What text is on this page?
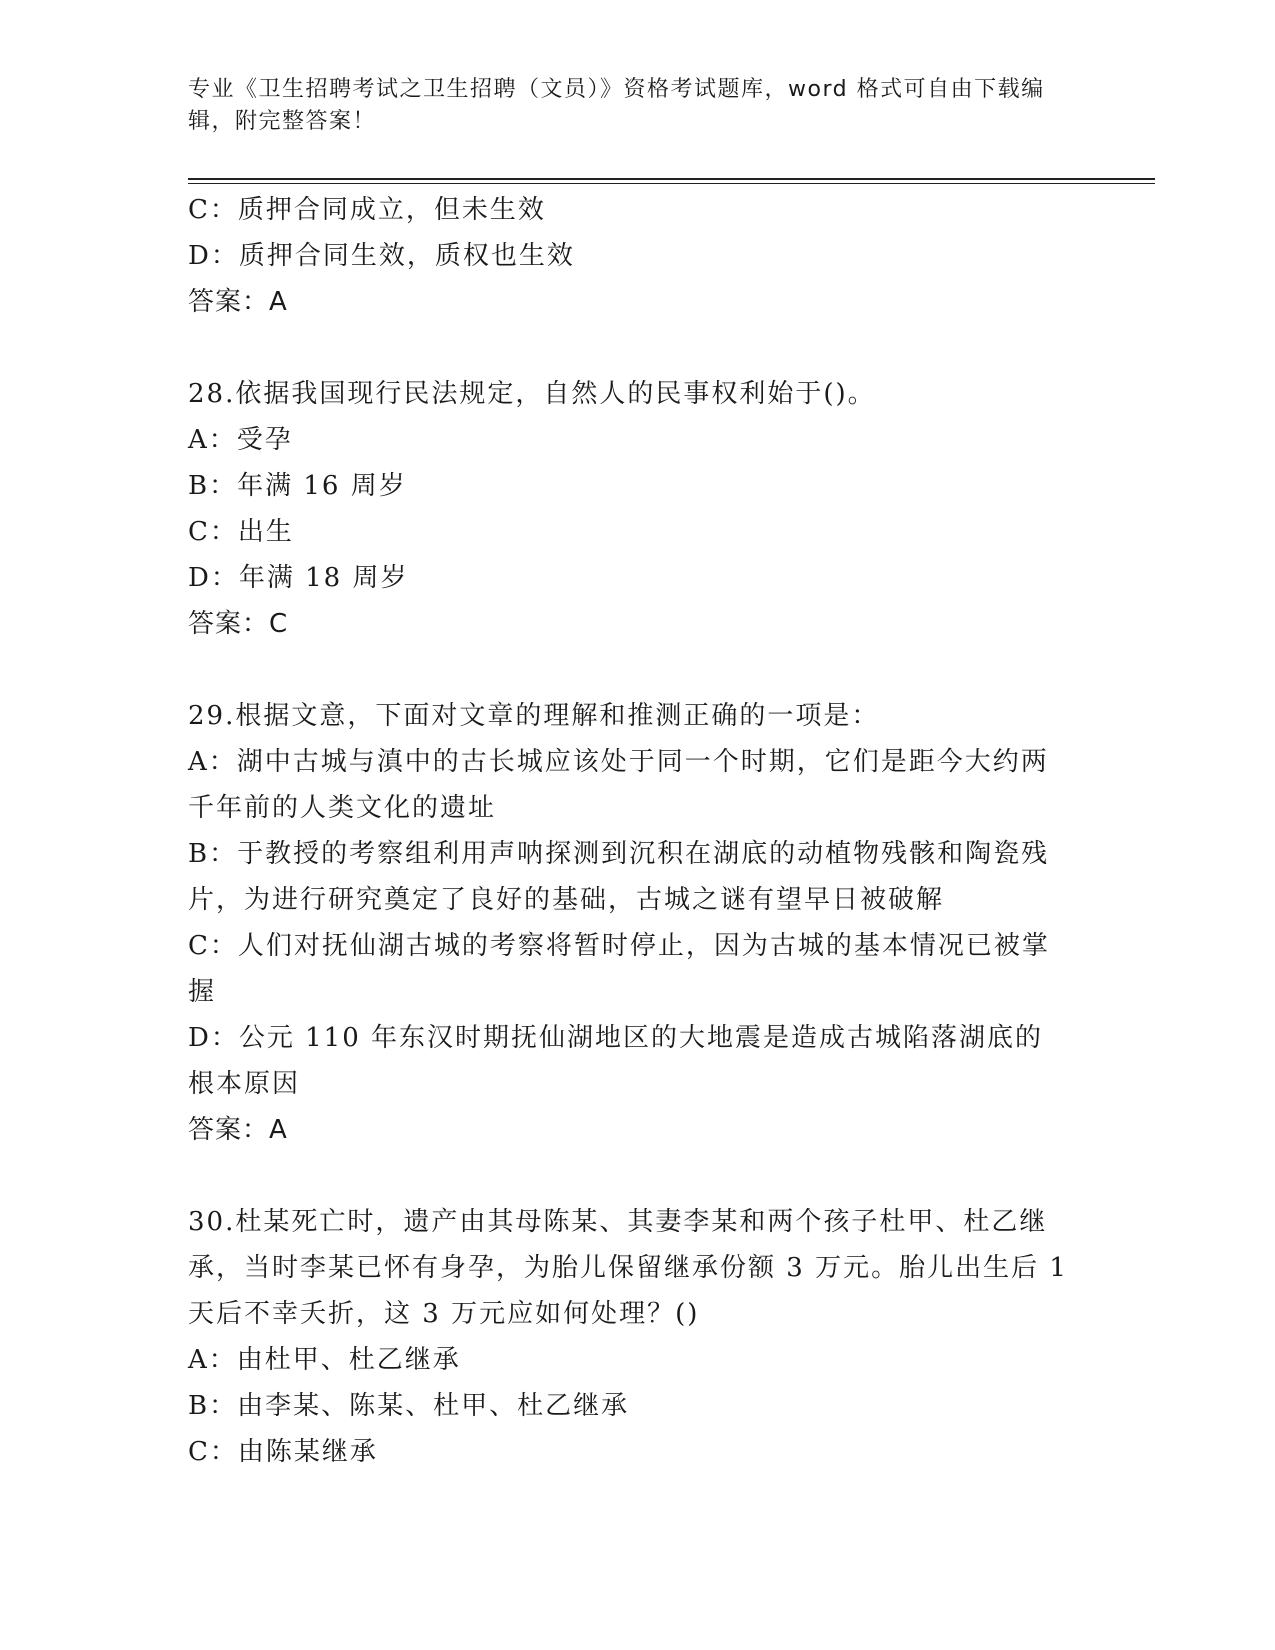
专业《卫生招聘考试之卫生招聘（文员）》资格考试题库，word 格式可自由下载编辑，附完整答案！

C：质押合同成立，但未生效

D：质押合同生效，质权也生效

答案：A

28.依据我国现行民法规定，自然人的民事权利始于()。

A：受孕

B：年满 16 周岁

C：出生

D：年满 18 周岁

答案：C

29.根据文意，下面对文章的理解和推测正确的一项是：

A：湖中古城与滇中的古长城应该处于同一个时期，它们是距今大约两千年前的人类文化的遗址

B：于教授的考察组利用声呐探测到沉积在湖底的动植物残骸和陶瓷残片，为进行研究奠定了良好的基础，古城之谜有望早日被破解

C：人们对抚仙湖古城的考察将暂时停止，因为古城的基本情况已被掌握

D：公元 110 年东汉时期抚仙湖地区的大地震是造成古城陷落湖底的根本原因

答案：A

30.杜某死亡时，遗产由其母陈某、其妻李某和两个孩子杜甲、杜乙继承，当时李某已怀有身孕，为胎儿保留继承份额 3 万元。胎儿出生后 1 天后不幸夭折，这 3 万元应如何处理？()

A：由杜甲、杜乙继承

B：由李某、陈某、杜甲、杜乙继承

C：由陈某继承
